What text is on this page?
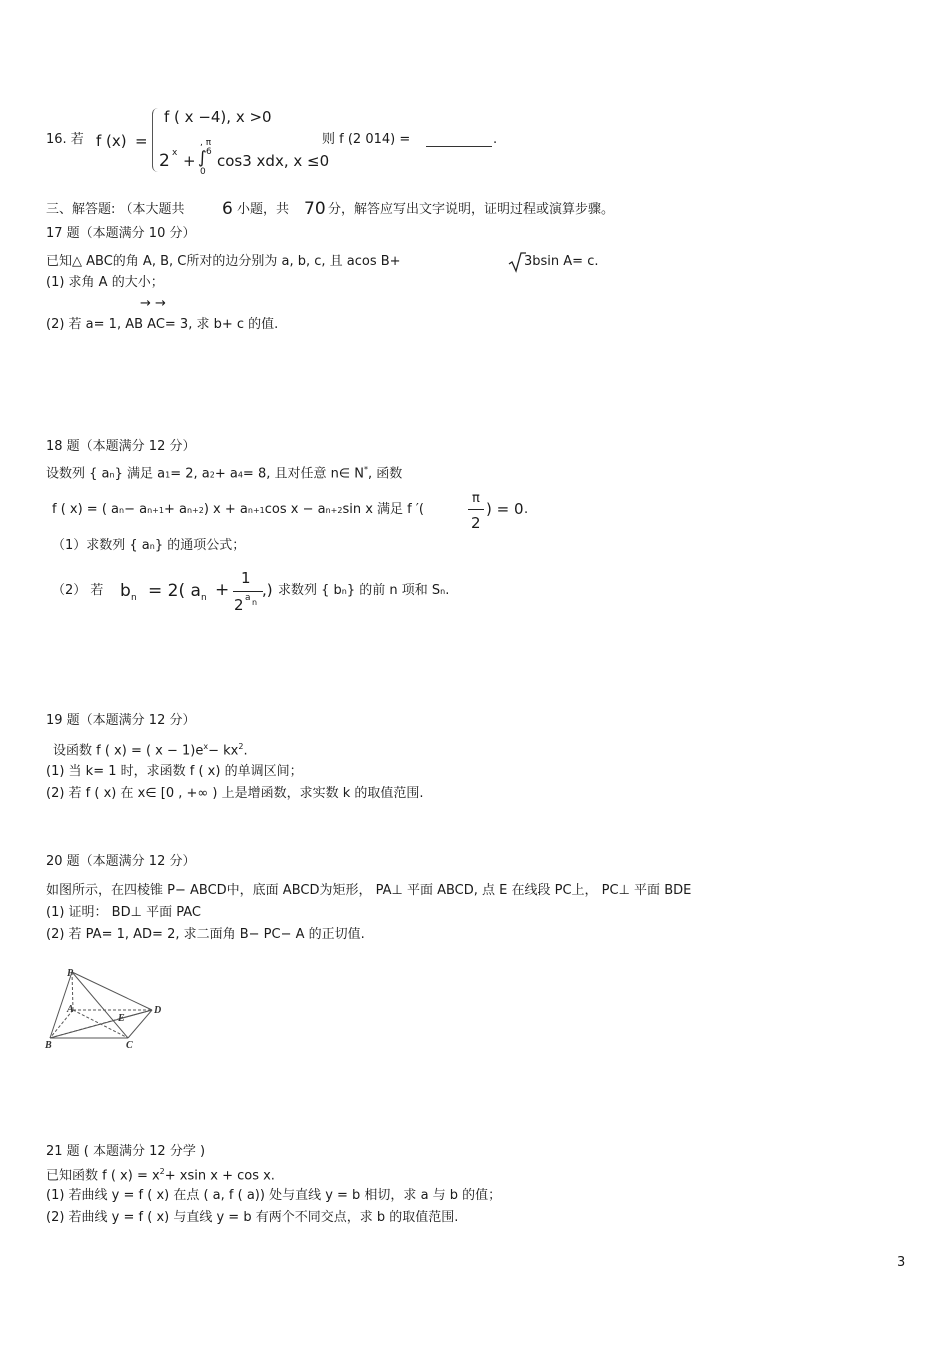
16. 若 f (x) =
f ( x −4), x >0
, π
2 x + ∫ 6
0
cos3 xdx, x ≤0
则 f (2 014) =	.
三、解答题: （本大题共 6 小题，共 70 分，解答应写出文字说明，证明过程或演算步骤。
17 题（本题满分 10 分）
已知△ ABC的角 A, B, C所对的边分别为 a, b, c, 且 acos B+	3bsin A= c.
(1) 求角 A 的大小；
→ →
(2) 若 a= 1, AB AC= 3, 求 b+ c 的值.
18 题（本题满分 12 分）
设数列 { an} 满足 a1= 2, a2+ a4= 8, 且对任意 n∈ N*, 函数
f ( x) = ( an− an+1+ an+2) x + an+1cos x − an+2sin x 满足 f ′(
π
2
) = 0 .
（1）求数列 { an} 的通项公式；
（2） 若 b n = 2( a n +
1
2 a n
,) 求数列 { bn} 的前 n 项和 Sn.
19 题（本题满分 12 分）
设函数 f ( x) = ( $x - 1)e^x- kx^2$.
(1) 当 k= 1 时，求函数 f ( x) 的单调区间；
(2) 若 f ( x) 在 x∈ [0 , +∞ ) 上是增函数，求实数 k 的取值范围.
20 题（本题满分 12 分）
如图所示，在四棱锥 P− ABCD中，底面 ABCD为矩形， PA⊥ 平面 ABCD, 点 E 在线段 PC上， PC⊥ 平面 BDE
(1) 证明： BD⊥ 平面 PAC
(2) 若 PA= 1, AD= 2, 求二面角 B− PC− A 的正切值.
P
A
E
D
B	C
21 题 ( 本题满分 12 分学 )
已知函数 f ( $x) = x^2+ xsin$ x + cos x.
(1) 若曲线 y = f ( x) 在点 ( a, f ( a)) 处与直线 y = b 相切，求 a 与 b 的值；
(2) 若曲线 y = f ( x) 与直线 y = b 有两个不同交点，求 b 的取值范围.
3
